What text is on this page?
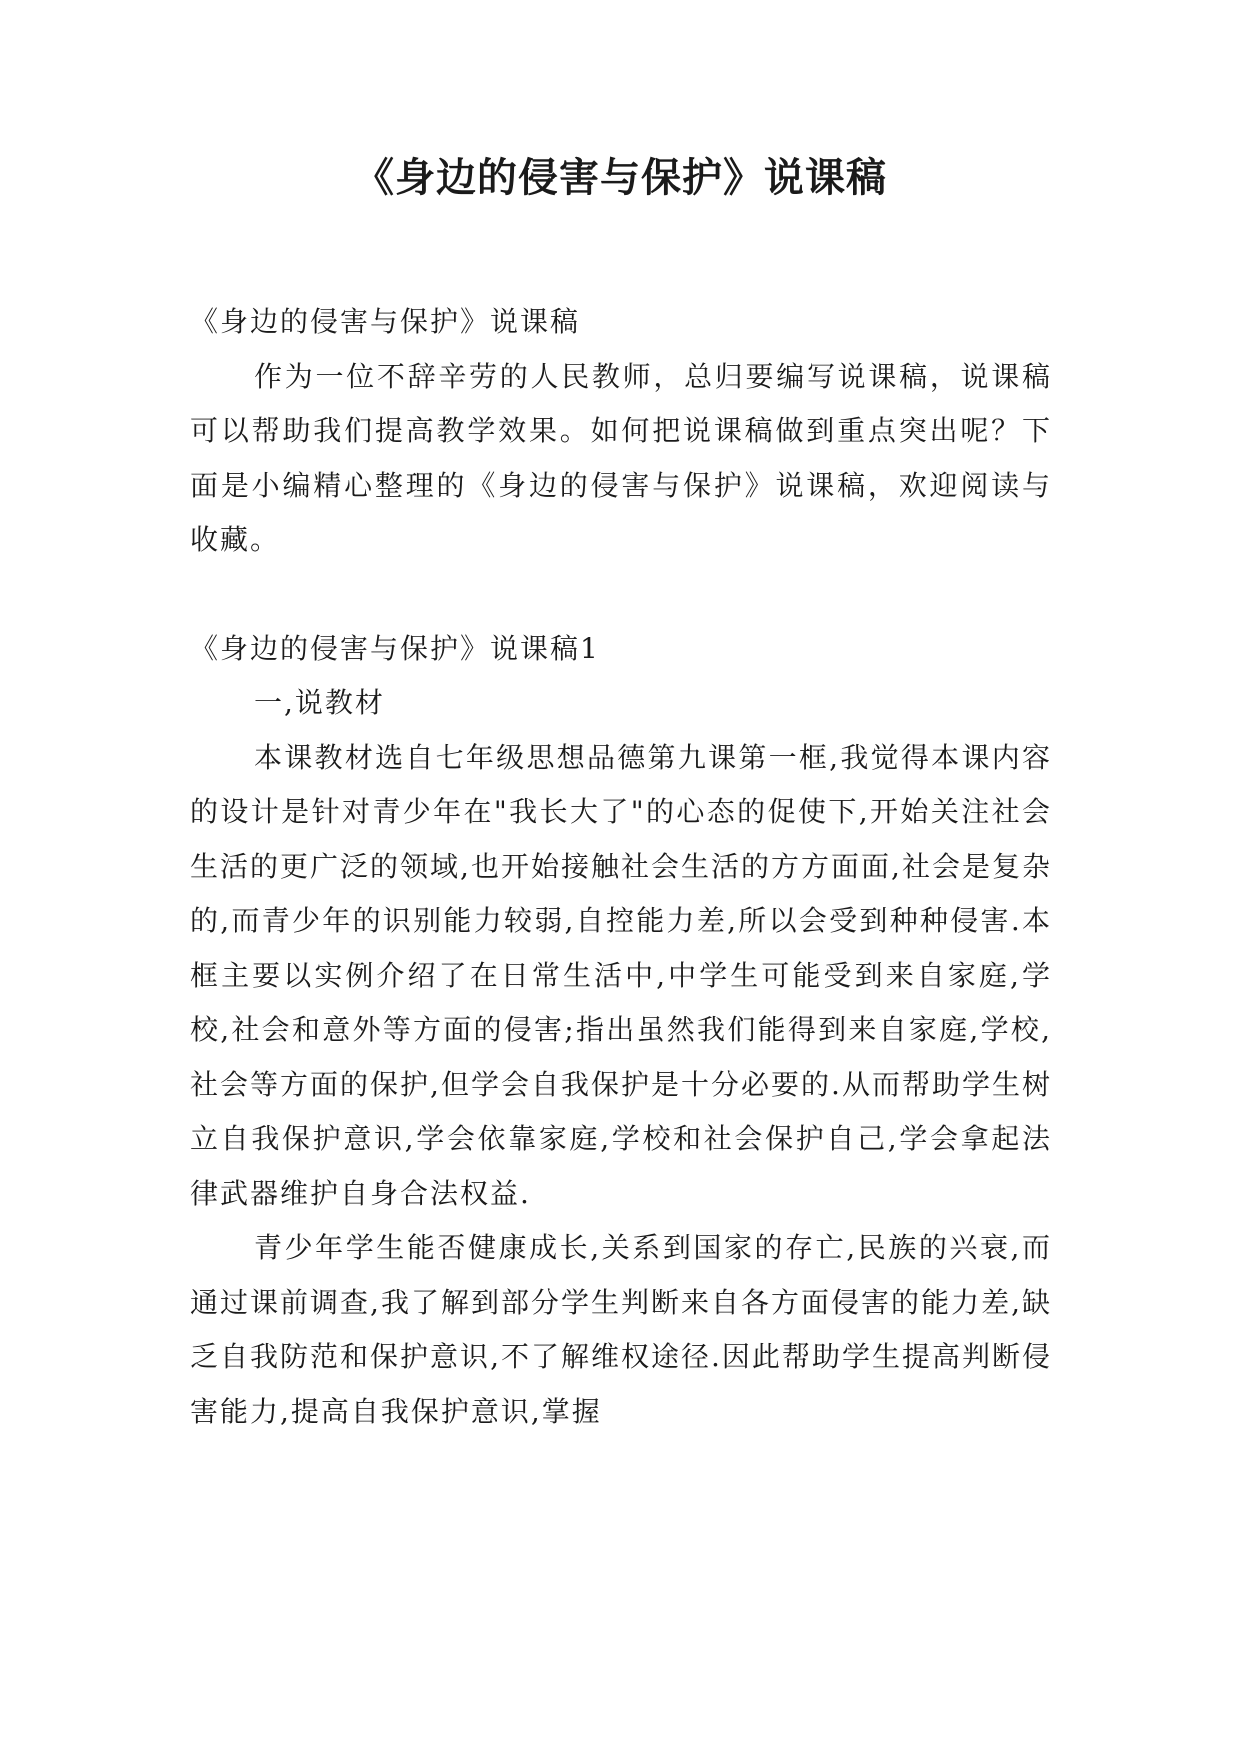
《身边的侵害与保护》说课稿

《身边的侵害与保护》说课稿

作为一位不辞辛劳的人民教师，总归要编写说课稿，说课稿可以帮助我们提高教学效果。如何把说课稿做到重点突出呢？下面是小编精心整理的《身边的侵害与保护》说课稿，欢迎阅读与收藏。

《身边的侵害与保护》说课稿1

一,说教材

本课教材选自七年级思想品德第九课第一框,我觉得本课内容的设计是针对青少年在"我长大了"的心态的促使下,开始关注社会生活的更广泛的领域,也开始接触社会生活的方方面面,社会是复杂的,而青少年的识别能力较弱,自控能力差,所以会受到种种侵害.本框主要以实例介绍了在日常生活中,中学生可能受到来自家庭,学校,社会和意外等方面的侵害;指出虽然我们能得到来自家庭,学校,社会等方面的保护,但学会自我保护是十分必要的.从而帮助学生树立自我保护意识,学会依靠家庭,学校和社会保护自己,学会拿起法律武器维护自身合法权益.

青少年学生能否健康成长,关系到国家的存亡,民族的兴衰,而通过课前调查,我了解到部分学生判断来自各方面侵害的能力差,缺乏自我防范和保护意识,不了解维权途径.因此帮助学生提高判断侵害能力,提高自我保护意识,掌握
